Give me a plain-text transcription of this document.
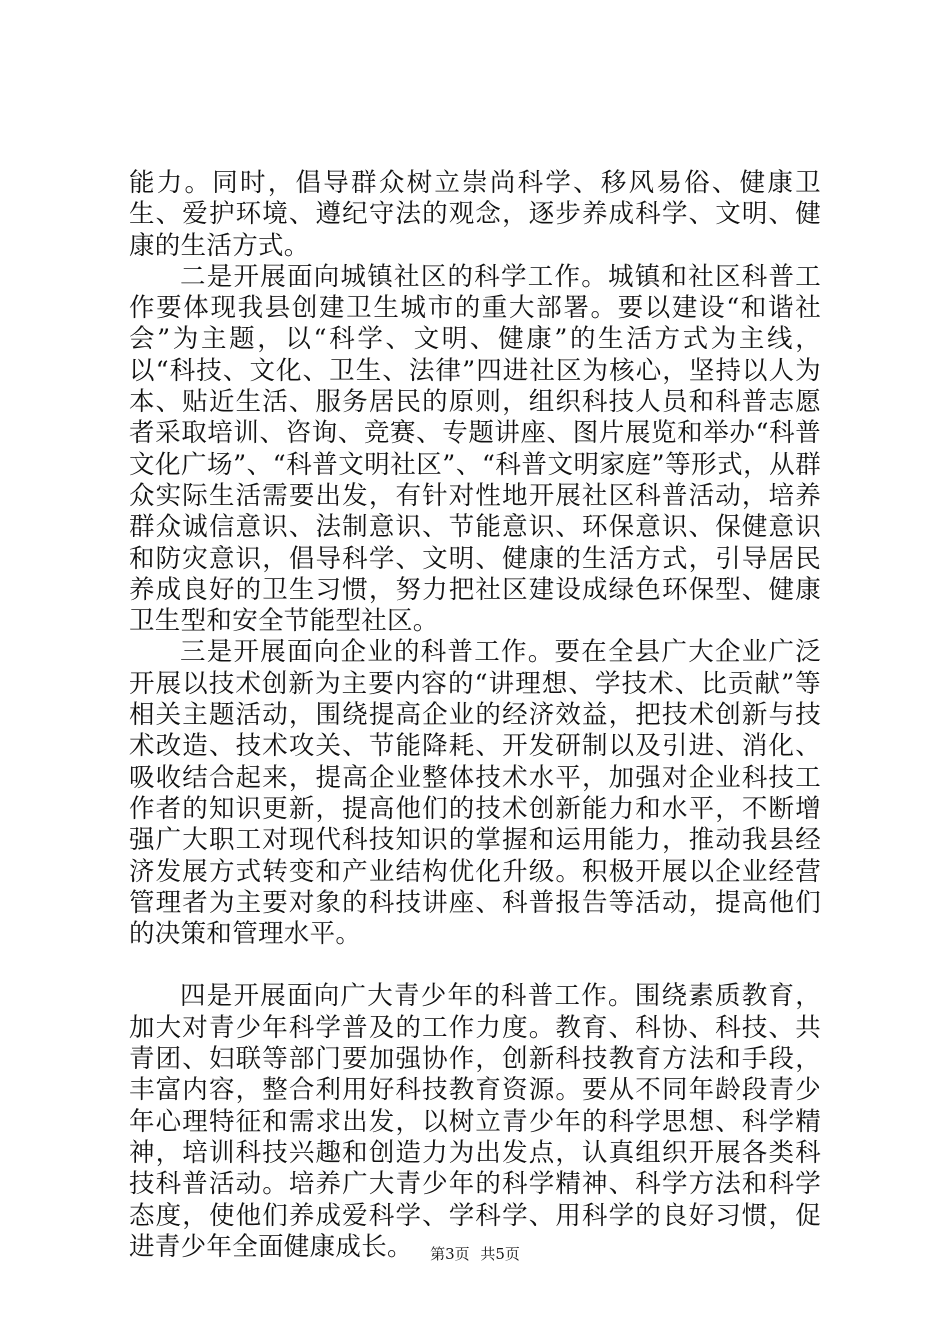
能力。同时，倡导群众树立崇尚科学、移风易俗、健康卫生、爱护环境、遵纪守法的观念，逐步养成科学、文明、健康的生活方式。

二是开展面向城镇社区的科学工作。城镇和社区科普工作要体现我县创建卫生城市的重大部署。要以建设“和谐社会”为主题，以“科学、文明、健康”的生活方式为主线，以“科技、文化、卫生、法律”四进社区为核心，坚持以人为本、贴近生活、服务居民的原则，组织科技人员和科普志愿者采取培训、咨询、竞赛、专题讲座、图片展览和举办“科普文化广场”、“科普文明社区”、“科普文明家庭”等形式，从群众实际生活需要出发，有针对性地开展社区科普活动，培养群众诚信意识、法制意识、节能意识、环保意识、保健意识和防灾意识，倡导科学、文明、健康的生活方式，引导居民养成良好的卫生习惯，努力把社区建设成绿色环保型、健康卫生型和安全节能型社区。

三是开展面向企业的科普工作。要在全县广大企业广泛开展以技术创新为主要内容的“讲理想、学技术、比贡献”等相关主题活动，围绕提高企业的经济效益，把技术创新与技术改造、技术攻关、节能降耗、开发研制以及引进、消化、吸收结合起来，提高企业整体技术水平，加强对企业科技工作者的知识更新，提高他们的技术创新能力和水平，不断增强广大职工对现代科技知识的掌握和运用能力，推动我县经济发展方式转变和产业结构优化升级。积极开展以企业经营管理者为主要对象的科技讲座、科普报告等活动，提高他们的决策和管理水平。

四是开展面向广大青少年的科普工作。围绕素质教育，加大对青少年科学普及的工作力度。教育、科协、科技、共青团、妇联等部门要加强协作，创新科技教育方法和手段，丰富内容，整合利用好科技教育资源。要从不同年龄段青少年心理特征和需求出发，以树立青少年的科学思想、科学精神，培训科技兴趣和创造力为出发点，认真组织开展各类科技科普活动。培养广大青少年的科学精神、科学方法和科学态度，使他们养成爱科学、学科学、用科学的良好习惯，促进青少年全面健康成长。	第3页 共5页
